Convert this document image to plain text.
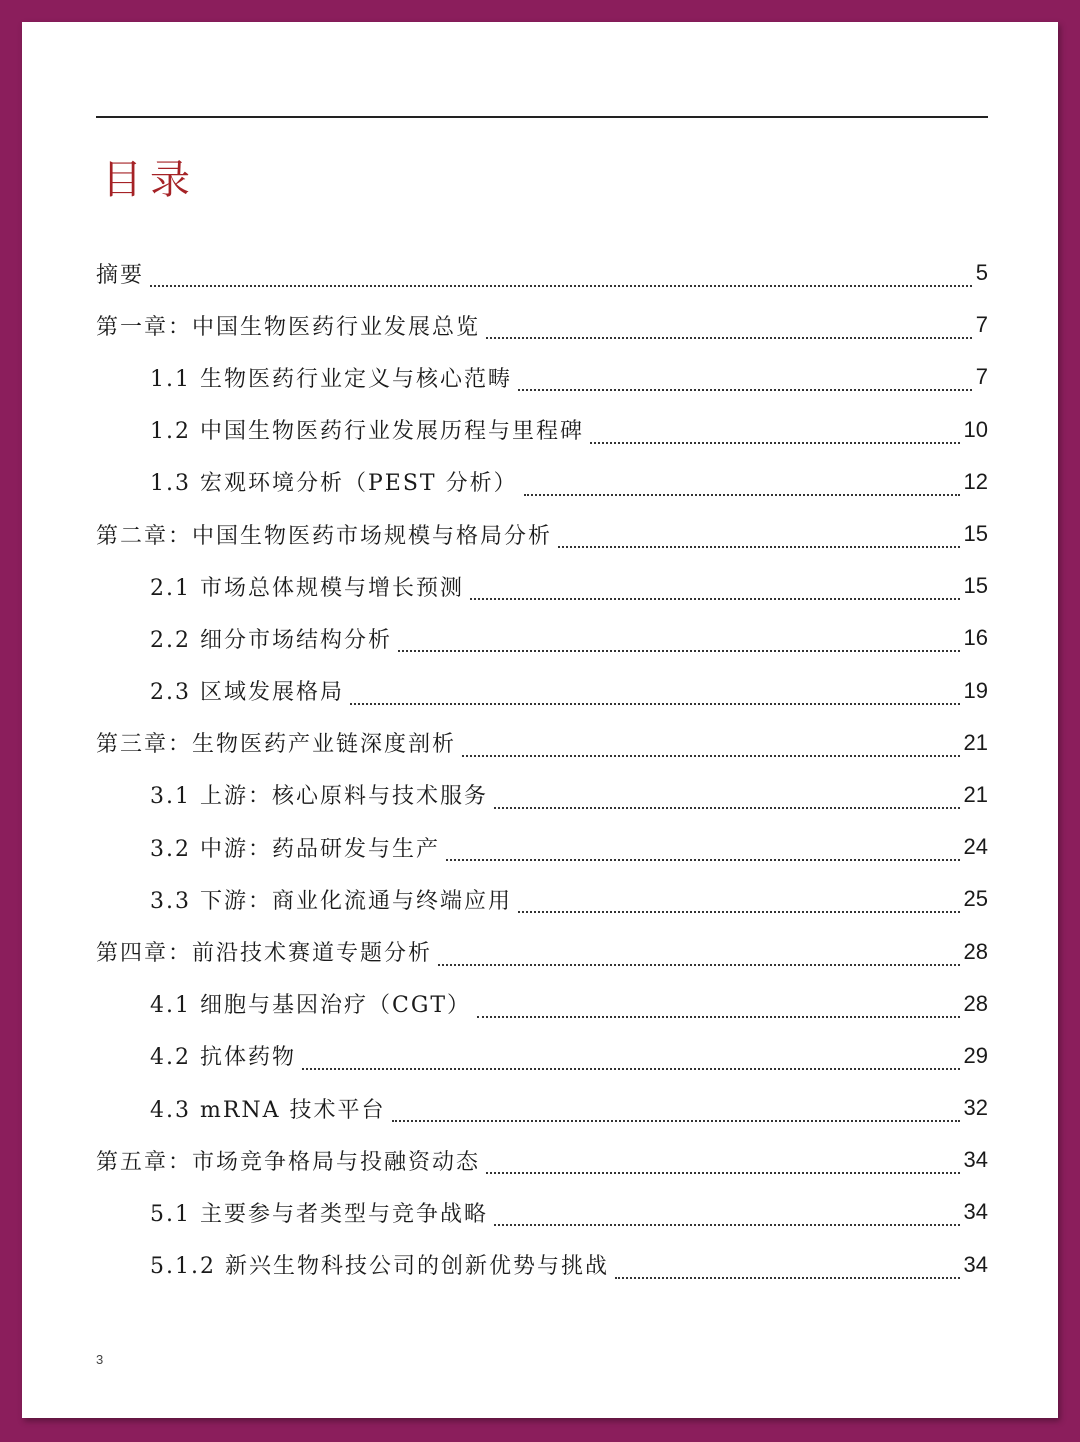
目录
摘要	5
第一章：中国生物医药行业发展总览	7
1.1 生物医药行业定义与核心范畴	7
1.2 中国生物医药行业发展历程与里程碑	10
1.3 宏观环境分析（PEST 分析）	12
第二章：中国生物医药市场规模与格局分析	15
2.1 市场总体规模与增长预测	15
2.2 细分市场结构分析	16
2.3 区域发展格局	19
第三章：生物医药产业链深度剖析	21
3.1 上游：核心原料与技术服务	21
3.2 中游：药品研发与生产	24
3.3 下游：商业化流通与终端应用	25
第四章：前沿技术赛道专题分析	28
4.1 细胞与基因治疗（CGT）	28
4.2 抗体药物	29
4.3 mRNA 技术平台	32
第五章：市场竞争格局与投融资动态	34
5.1 主要参与者类型与竞争战略	34
5.1.2 新兴生物科技公司的创新优势与挑战	34
3
